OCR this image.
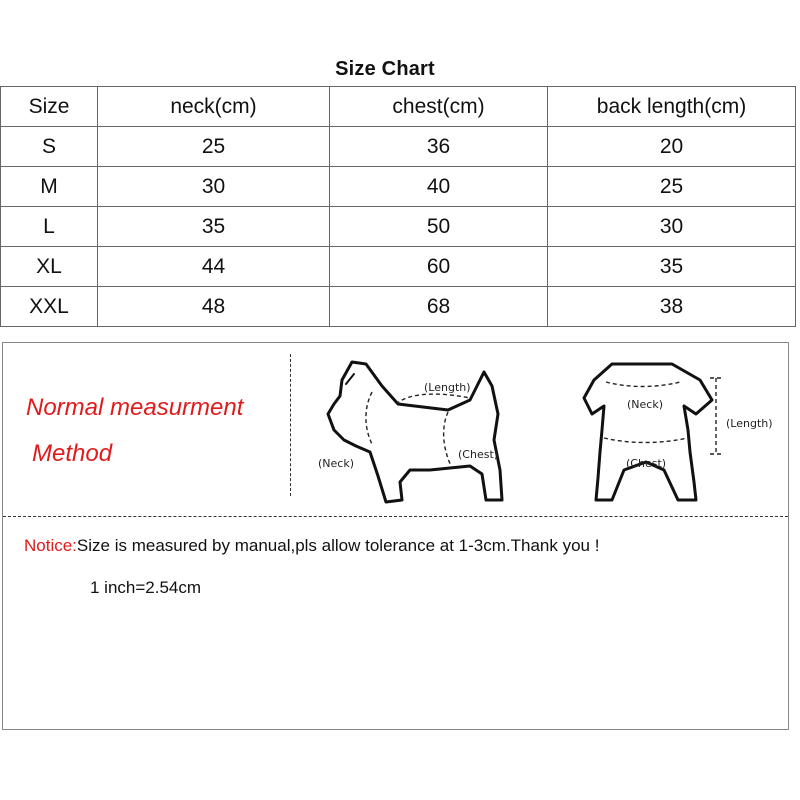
Size Chart
Size	neck(cm)	chest(cm)	back length(cm)
S	25	36	20
M	30	40	25
L	35	50	30
XL	44	60	35
XXL	48	68	38
Normal measurment
Method
(Length)
(Neck)
(Chest)
(Neck)
(Length)
(Chest)
Notice:Size is measured by manual,pls allow tolerance at 1-3cm.Thank you !
1 inch=2.54cm
